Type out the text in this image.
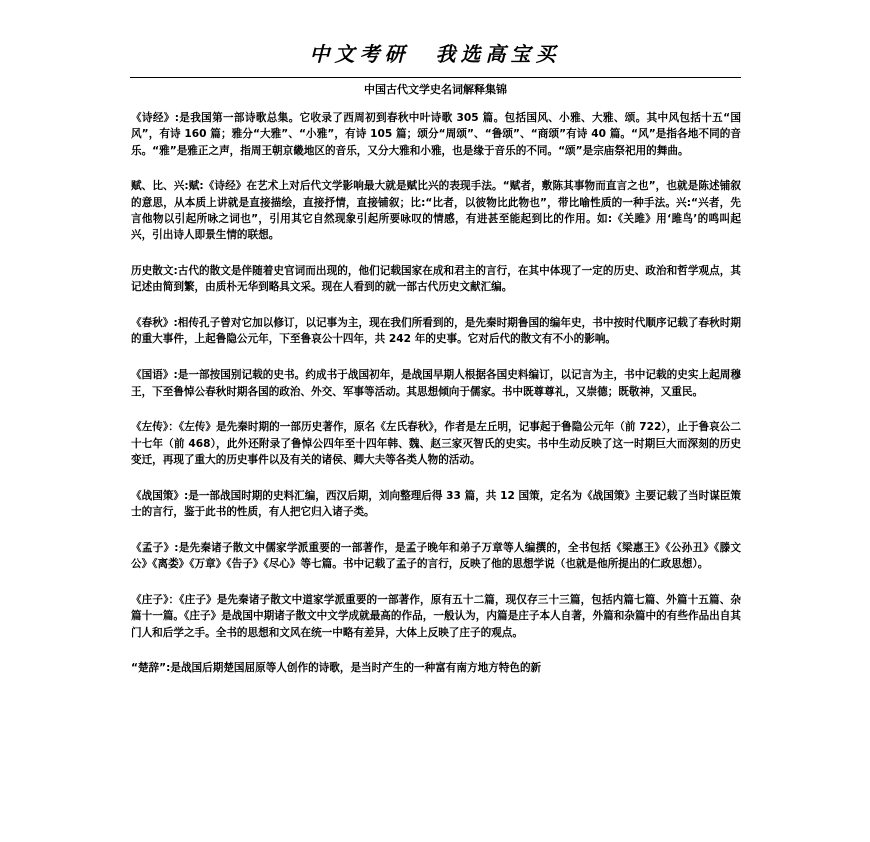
中文考研 我选高宝买
中国古代文学史名词解释集锦

《诗经》:是我国第一部诗歌总集。它收录了西周初到春秋中叶诗歌 305 篇。包括国风、小雅、大雅、颂。其中风包括十五“国风”，有诗 160 篇；雅分“大雅”、“小雅”，有诗 105 篇；颂分“周颂”、“鲁颂”、“商颂”有诗 40 篇。“风”是指各地不同的音乐。“雅”是雅正之声，指周王朝京畿地区的音乐，又分大雅和小雅，也是缘于音乐的不同。“颂”是宗庙祭祀用的舞曲。

赋、比、兴:赋:《诗经》在艺术上对后代文学影响最大就是赋比兴的表现手法。“赋者，敷陈其事物而直言之也”，也就是陈述铺叙的意思，从本质上讲就是直接描绘，直接抒情，直接铺叙；比:“比者，以彼物比此物也”，带比喻性质的一种手法。兴:“兴者，先言他物以引起所咏之词也”，引用其它自然现象引起所要咏叹的情感，有进甚至能起到比的作用。如:《关雎》用‘雎鸟’的鸣叫起兴，引出诗人即景生情的联想。

历史散文:古代的散文是伴随着史官词而出现的，他们记载国家在成和君主的言行，在其中体现了一定的历史、政治和哲学观点，其记述由简到繁，由质朴无华到略具文采。现在人看到的就一部古代历史文献汇编。

《春秋》:相传孔子曾对它加以修订，以记事为主，现在我们所看到的，是先秦时期鲁国的编年史，书中按时代顺序记载了春秋时期的重大事件，上起鲁隐公元年，下至鲁哀公十四年，共 242 年的史事。它对后代的散文有不小的影响。

《国语》:是一部按国别记载的史书。约成书于战国初年，是战国早期人根据各国史料编订，以记言为主，书中记载的史实上起周穆王，下至鲁悼公春秋时期各国的政治、外交、军事等活动。其思想倾向于儒家。书中既尊尊礼，又崇德；既敬神，又重民。

《左传》：《左传》是先秦时期的一部历史著作，原名《左氏春秋》，作者是左丘明，记事起于鲁隐公元年（前 722），止于鲁哀公二十七年（前 468），此外还附录了鲁悼公四年至十四年韩、魏、赵三家灭智氏的史实。书中生动反映了这一时期巨大而深刻的历史变迁，再现了重大的历史事件以及有关的诸侯、卿大夫等各类人物的活动。

《战国策》:是一部战国时期的史料汇编，西汉后期，刘向整理后得 33 篇，共 12 国策，定名为《战国策》主要记载了当时谋臣策士的言行，鉴于此书的性质，有人把它归入诸子类。

《孟子》:是先秦诸子散文中儒家学派重要的一部著作，是孟子晚年和弟子万章等人编撰的，全书包括《梁惠王》《公孙丑》《滕文公》《离娄》《万章》《告子》《尽心》等七篇。书中记载了孟子的言行，反映了他的思想学说（也就是他所提出的仁政思想）。

《庄子》：《庄子》是先秦诸子散文中道家学派重要的一部著作，原有五十二篇，现仅存三十三篇，包括内篇七篇、外篇十五篇、杂篇十一篇。《庄子》是战国中期诸子散文中文学成就最高的作品，一般认为，内篇是庄子本人自著，外篇和杂篇中的有些作品出自其门人和后学之手。全书的思想和文风在统一中略有差异，大体上反映了庄子的观点。

“楚辞”:是战国后期楚国屈原等人创作的诗歌，是当时产生的一种富有南方地方特色的新
